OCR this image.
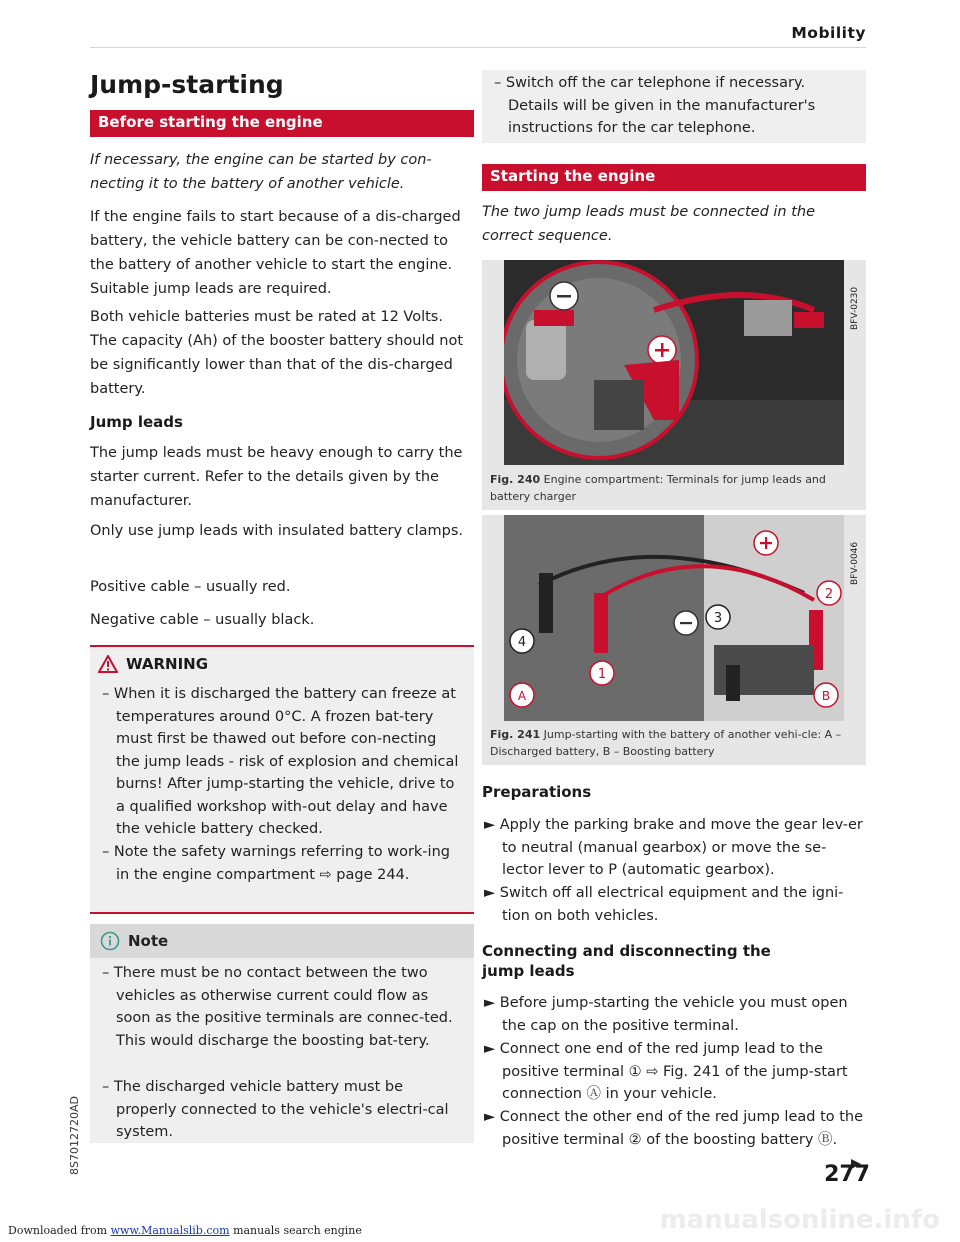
Mobility
Jump-starting
Before starting the engine
If necessary, the engine can be started by con-necting it to the battery of another vehicle.
If the engine fails to start because of a dis-charged battery, the vehicle battery can be con-nected to the battery of another vehicle to start the engine. Suitable jump leads are required.
Both vehicle batteries must be rated at 12 Volts. The capacity (Ah) of the booster battery should not be significantly lower than that of the dis-charged battery.
Jump leads
The jump leads must be heavy enough to carry the starter current. Refer to the details given by the manufacturer.
Only use jump leads with insulated battery clamps.
Positive cable – usually red.
Negative cable – usually black.
WARNING
– When it is discharged the battery can freeze at temperatures around 0°C. A frozen bat-tery must first be thawed out before con-necting the jump leads - risk of explosion and chemical burns! After jump-starting the vehicle, drive to a qualified workshop with-out delay and have the vehicle battery checked.
– Note the safety warnings referring to work-ing in the engine compartment ⇨ page 244.
Note
– There must be no contact between the two vehicles as otherwise current could flow as soon as the positive terminals are connec-ted. This would discharge the boosting bat-tery.
– The discharged vehicle battery must be properly connected to the vehicle's electri-cal system.
– Switch off the car telephone if necessary. Details will be given in the manufacturer's instructions for the car telephone.
Starting the engine
The two jump leads must be connected in the correct sequence.
BFV-0230
Fig. 240 Engine compartment: Terminals for jump leads and battery charger
3
2
4
1
A	B
BFV-0046
Fig. 241 Jump-starting with the battery of another vehi-cle: A – Discharged battery, B – Boosting battery
Preparations
► Apply the parking brake and move the gear lev-er to neutral (manual gearbox) or move the se-lector lever to P (automatic gearbox).
► Switch off all electrical equipment and the igni-tion on both vehicles.
Connecting and disconnecting the jump leads
► Before jump-starting the vehicle you must open the cap on the positive terminal.
► Connect one end of the red jump lead to the positive terminal ① ⇨ Fig. 241 of the jump-start connection Ⓐ in your vehicle.
► Connect the other end of the red jump lead to the positive terminal ② of the boosting battery Ⓑ.
8S7012720AD	277
manualsonline.info
Downloaded from www.Manualslib.com manuals search engine
